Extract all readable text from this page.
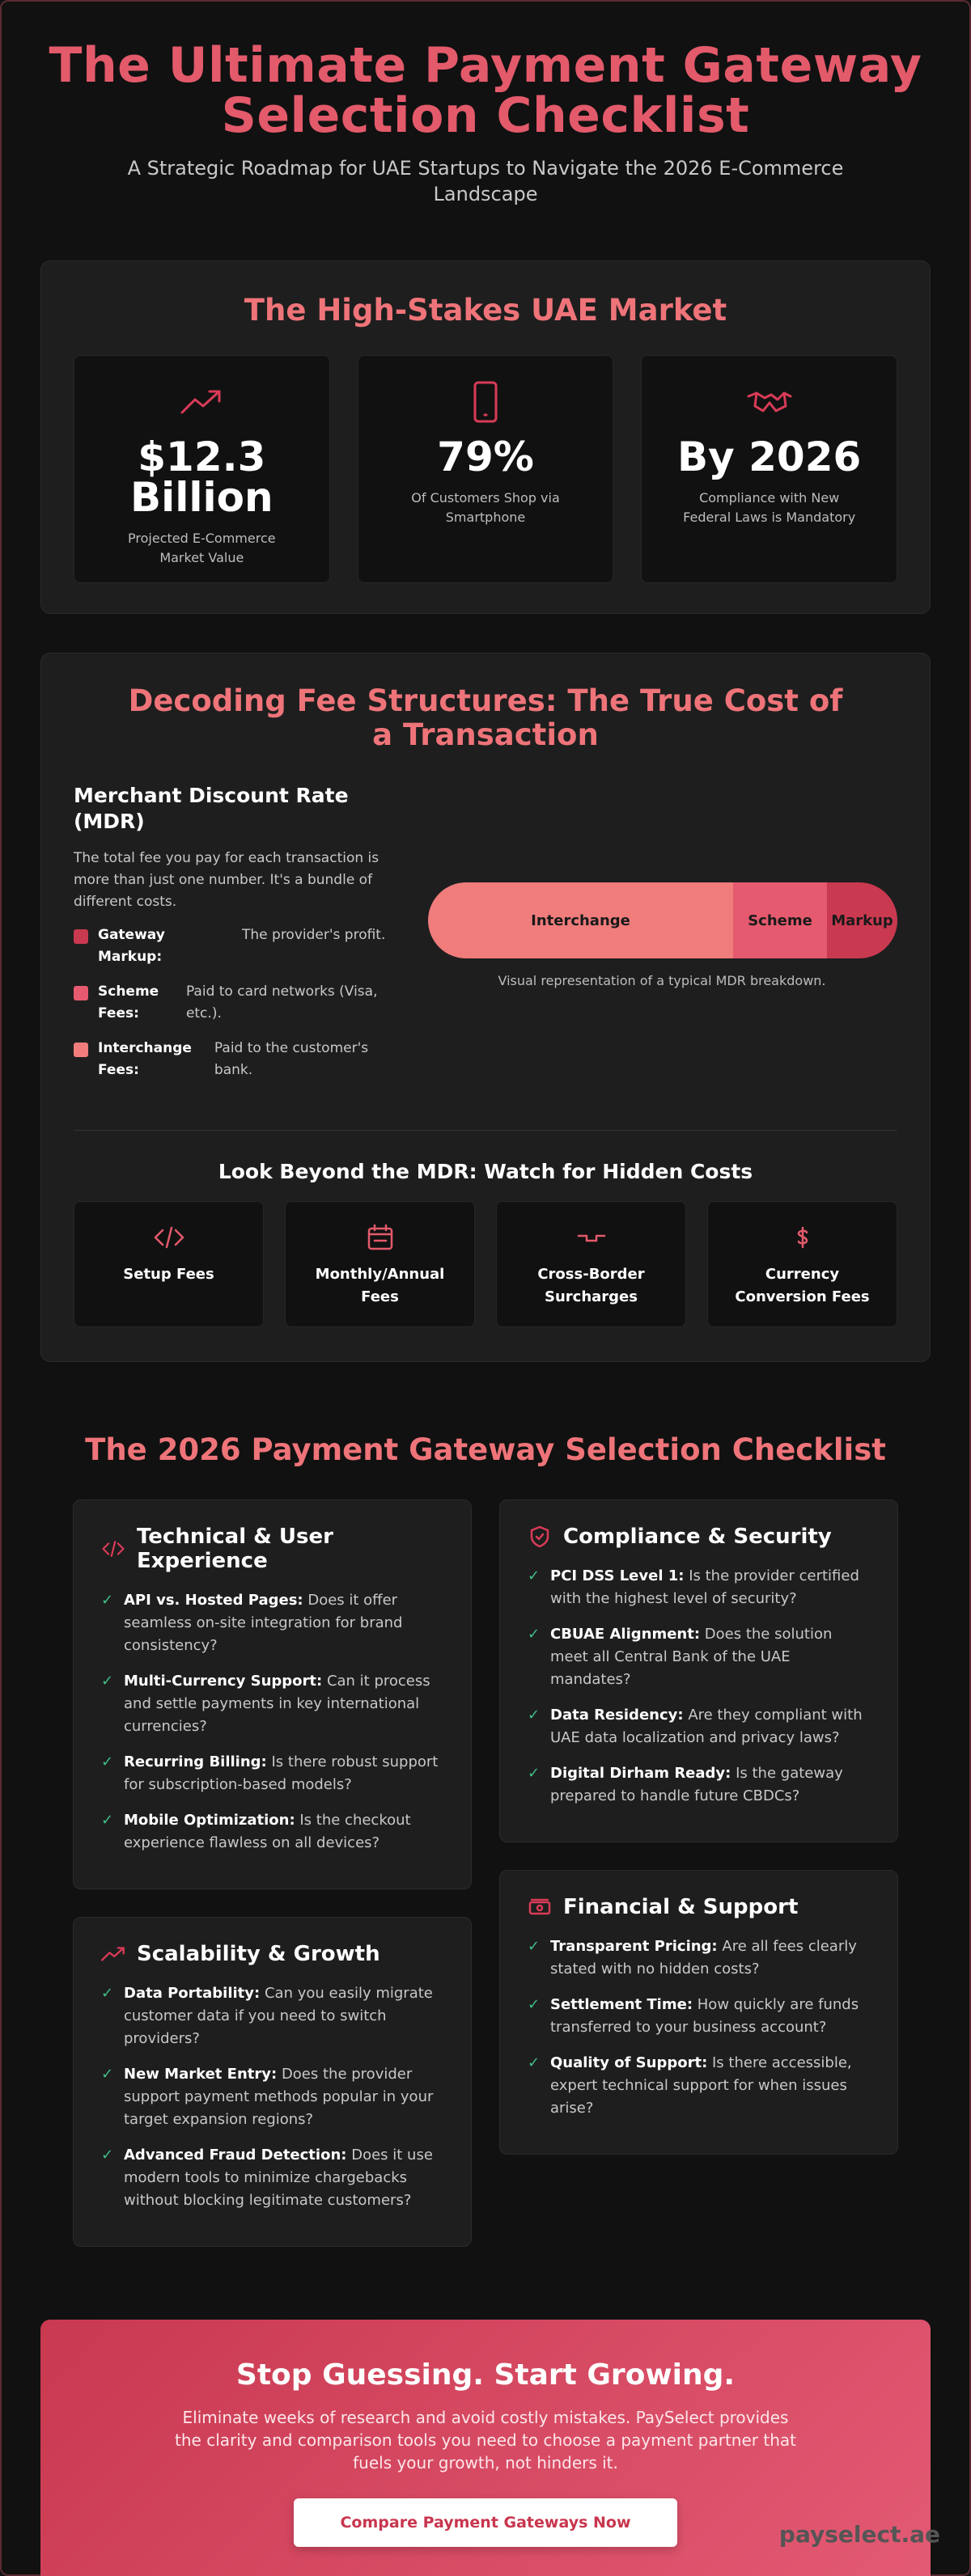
The Ultimate Payment Gateway Selection Checklist

A Strategic Roadmap for UAE Startups to Navigate the 2026 E-Commerce Landscape

The High-Stakes UAE Market
$12.3 Billion
Projected E-Commerce Market Value
79%
Of Customers Shop via Smartphone
By 2026
Compliance with New Federal Laws is Mandatory
Decoding Fee Structures: The True Cost of a Transaction
Merchant Discount Rate (MDR)

The total fee you pay for each transaction is more than just one number. It's a bundle of different costs.

Gateway Markup:
The provider's profit.
Scheme Fees:
Paid to card networks (Visa, etc.).
Interchange Fees:
Paid to the customer's bank.
Interchange	Scheme	Markup

Visual representation of a typical MDR breakdown.

Look Beyond the MDR: Watch for Hidden Costs
Setup Fees	Monthly/Annual Fees
Cross-Border Surcharges
Currency Conversion Fees
The 2026 Payment Gateway Selection Checklist
Technical & User Experience
✓ API vs. Hosted Pages: Does it offer seamless on-site integration for brand consistency?
✓ Multi-Currency Support: Can it process and settle payments in key international currencies?
✓ Recurring Billing: Is there robust support for subscription-based models?
✓ Mobile Optimization: Is the checkout experience flawless on all devices?
Scalability & Growth
✓ Data Portability: Can you easily migrate customer data if you need to switch providers?
✓ New Market Entry: Does the provider support payment methods popular in your target expansion regions?
✓ Advanced Fraud Detection: Does it use modern tools to minimize chargebacks without blocking legitimate customers?
Compliance & Security
✓ PCI DSS Level 1: Is the provider certified with the highest level of security?
✓ CBUAE Alignment: Does the solution meet all Central Bank of the UAE mandates?
✓ Data Residency: Are they compliant with UAE data localization and privacy laws?
✓ Digital Dirham Ready: Is the gateway prepared to handle future CBDCs?
Financial & Support
✓ Transparent Pricing: Are all fees clearly stated with no hidden costs?
✓ Settlement Time: How quickly are funds transferred to your business account?
✓ Quality of Support: Is there accessible, expert technical support for when issues arise?
Stop Guessing. Start Growing.

Eliminate weeks of research and avoid costly mistakes. PaySelect provides the clarity and comparison tools you need to choose a payment partner that fuels your growth, not hinders it.

Compare Payment Gateways Now	payselect.ae
